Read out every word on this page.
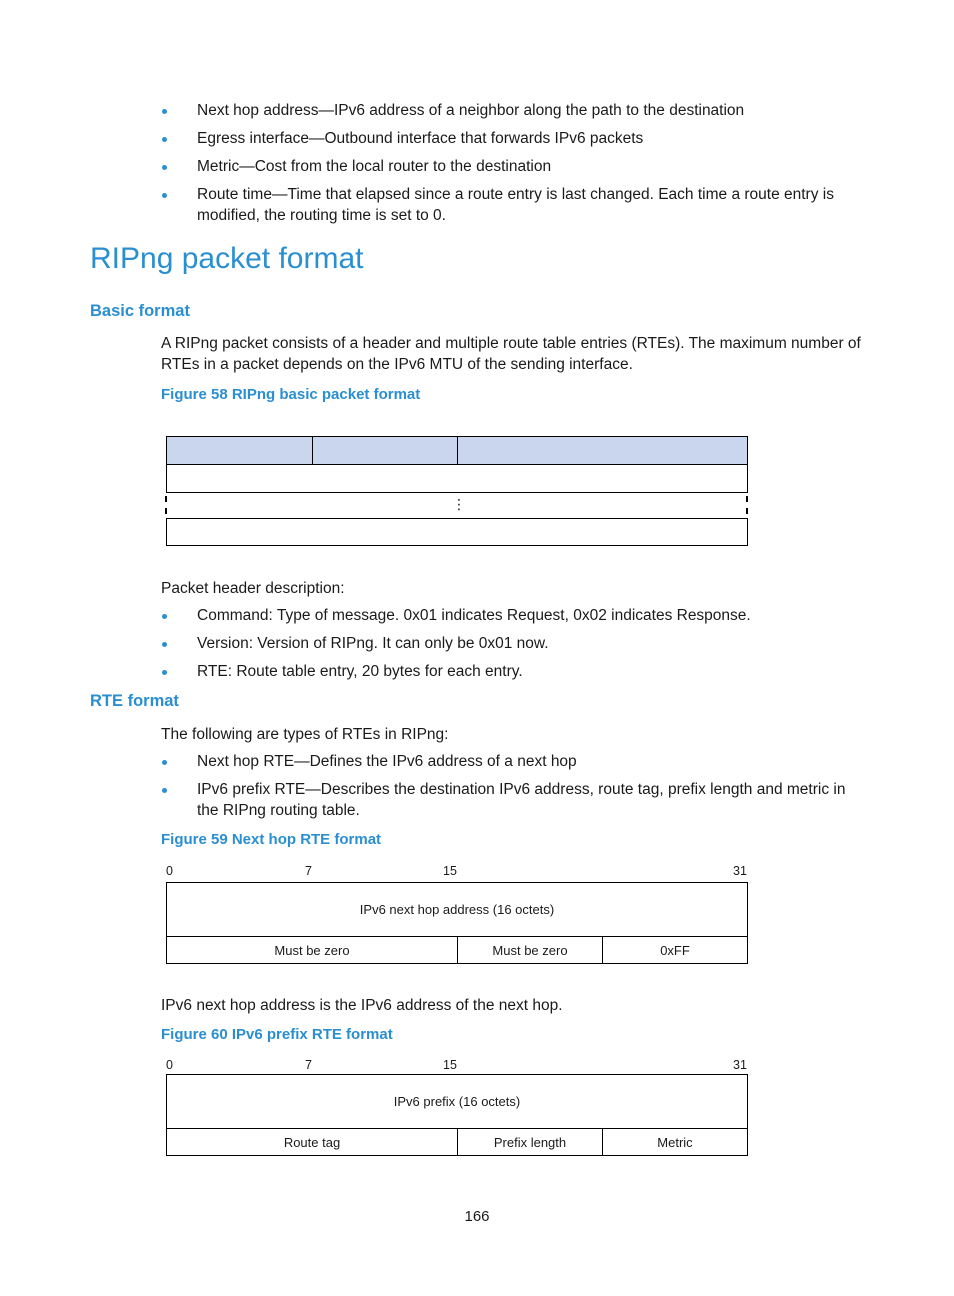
Next hop address—IPv6 address of a neighbor along the path to the destination
Egress interface—Outbound interface that forwards IPv6 packets
Metric—Cost from the local router to the destination
Route time—Time that elapsed since a route entry is last changed. Each time a route entry is modified, the routing time is set to 0.
RIPng packet format
Basic format
A RIPng packet consists of a header and multiple route table entries (RTEs). The maximum number of RTEs in a packet depends on the IPv6 MTU of the sending interface.
Figure 58 RIPng basic packet format
⋮
Packet header description:
Command: Type of message. 0x01 indicates Request, 0x02 indicates Response.
Version: Version of RIPng. It can only be 0x01 now.
RTE: Route table entry, 20 bytes for each entry.
RTE format
The following are types of RTEs in RIPng:
Next hop RTE—Defines the IPv6 address of a next hop
IPv6 prefix RTE—Describes the destination IPv6 address, route tag, prefix length and metric in the RIPng routing table.
Figure 59 Next hop RTE format
0	7	15	31
IPv6 next hop address (16 octets)
Must be zero	Must be zero	0xFF
IPv6 next hop address is the IPv6 address of the next hop.
Figure 60 IPv6 prefix RTE format
0	7	15	31
IPv6 prefix (16 octets)
Route tag	Prefix length	Metric
166
